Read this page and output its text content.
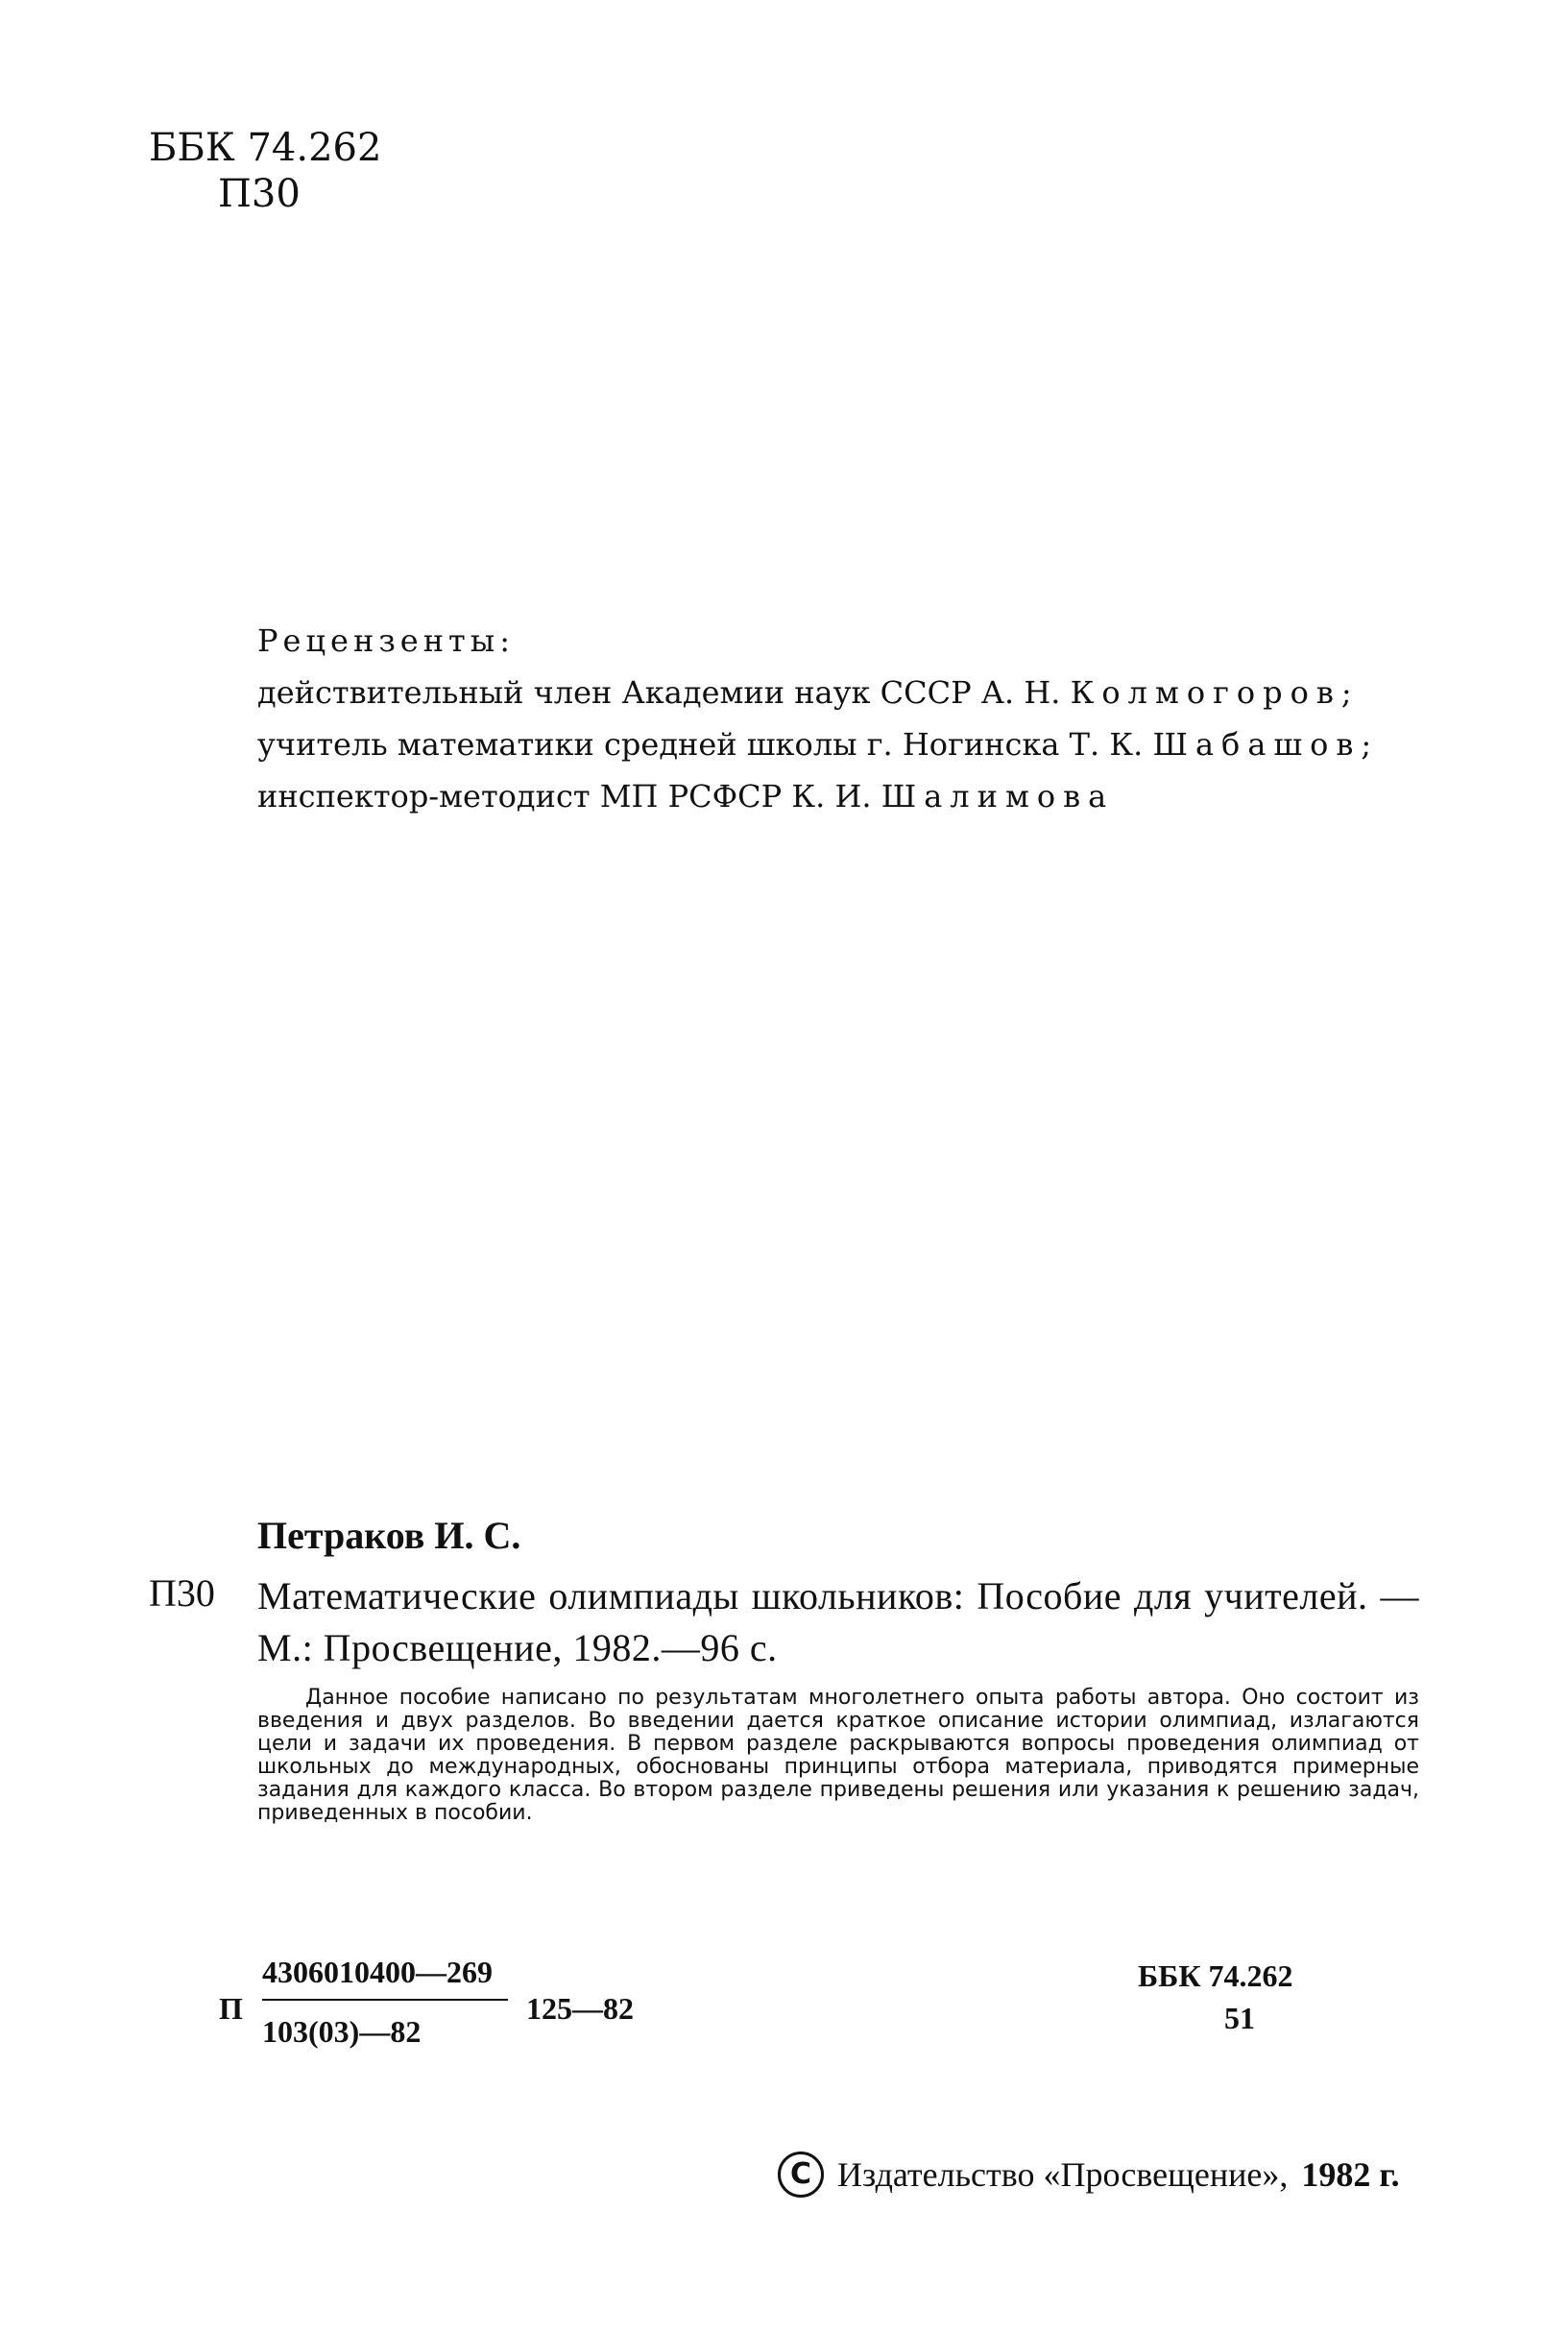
ББК 74.262
П30
Рецензенты:
действительный член Академии наук СССР А. Н. Колмогоров;
учитель математики средней школы г. Ногинска Т. К. Шабашов;
инспектор-методист МП РСФСР К. И. Шалимова
Петраков И. С.
П30 Математические олимпиады школьников: Пособие для учителей. — М.: Просвещение, 1982.—96 с.
Данное пособие написано по результатам многолетнего опыта работы автора. Оно состоит из введения и двух разделов. Во введении дается краткое описание истории олимпиад, излагаются цели и задачи их проведения. В первом разделе раскрываются вопросы проведения олимпиад от школьных до международных, обоснованы принципы отбора материала, приводятся примерные задания для каждого класса. Во втором разделе приведены решения или указания к решению задач, приведенных в пособии.
П
4306010400—269
103(03)—82
125—82
ББК 74.262
51
C Издательство «Просвещение», 1982 г.
